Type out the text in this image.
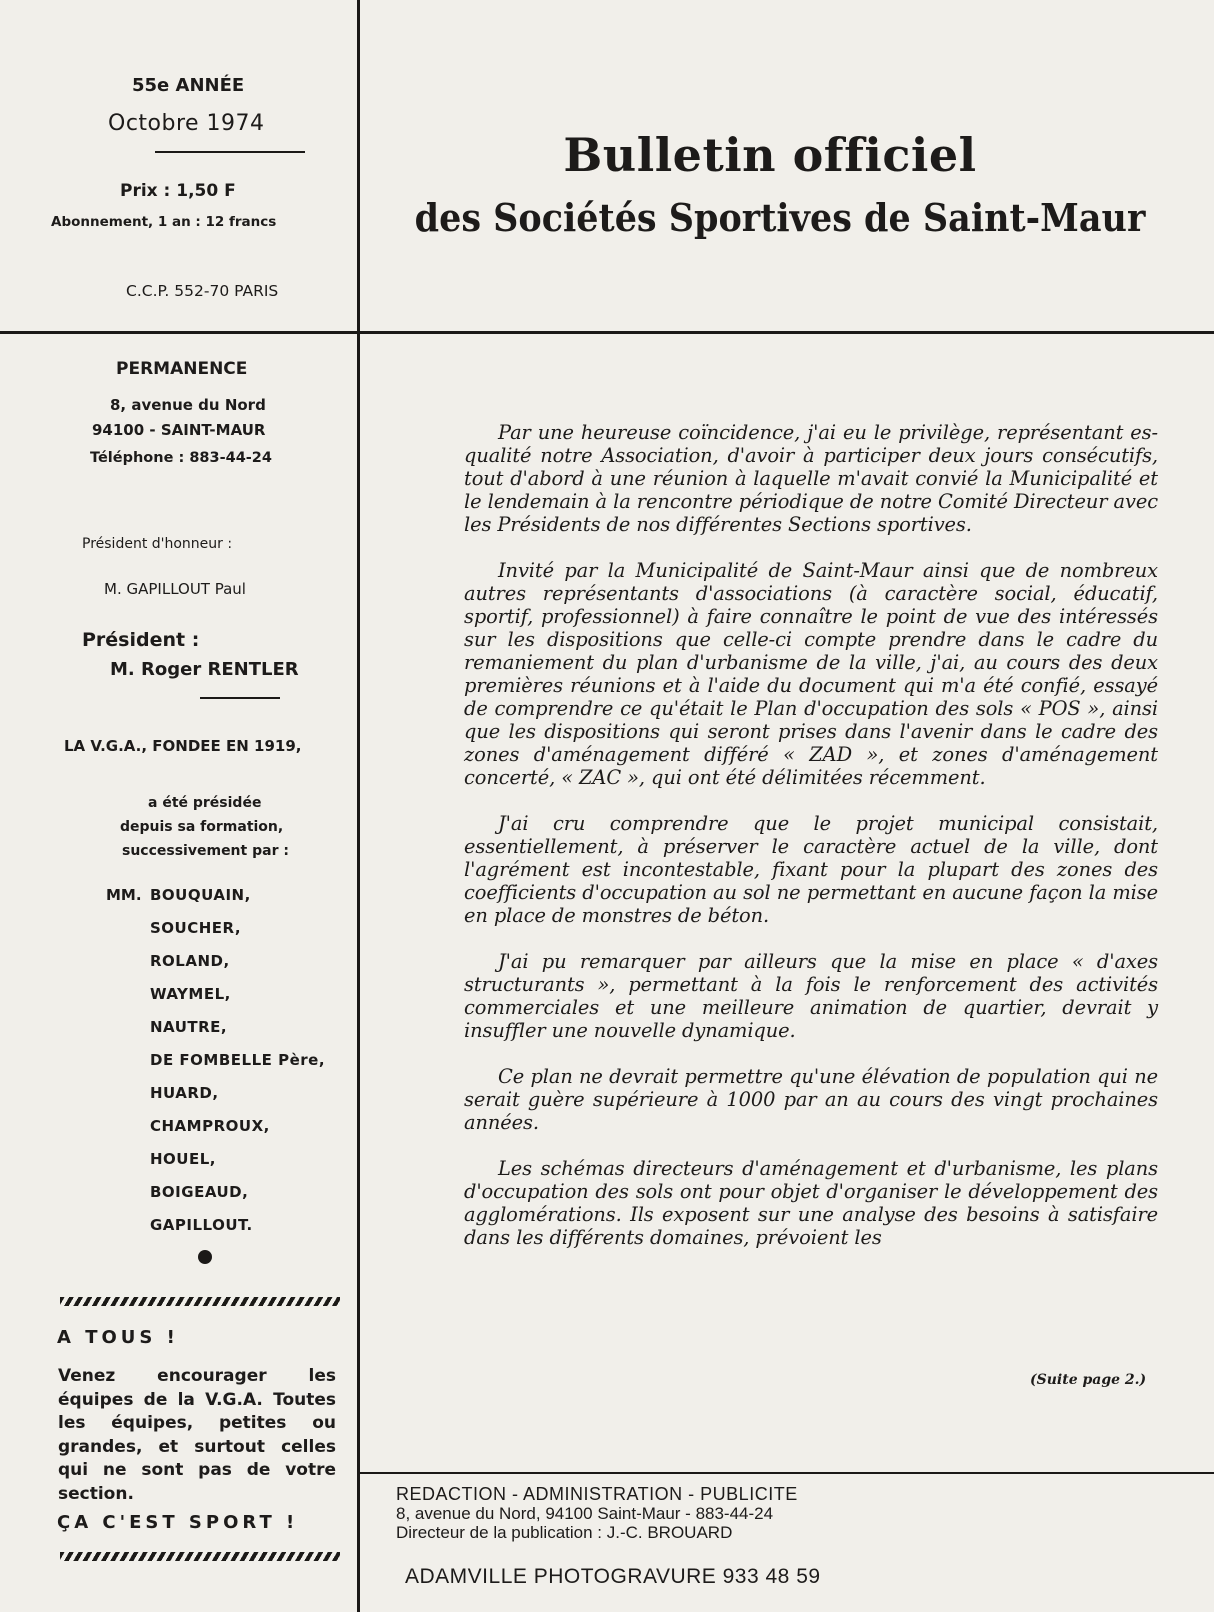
55e ANNÉE
Octobre 1974
Prix : 1,50 F
Abonnement, 1 an : 12 francs
C.C.P. 552-70 PARIS
Bulletin officiel
des Sociétés Sportives de Saint-Maur
PERMANENCE
8, avenue du Nord
94100 - SAINT-MAUR
Téléphone : 883-44-24
Président d'honneur :
M. GAPILLOUT Paul
Président :
M. Roger RENTLER
LA V.G.A., FONDEE EN 1919,
a été présidée
depuis sa formation,
successivement par :
MM. BOUQUAIN,
SOUCHER,
ROLAND,
WAYMEL,
NAUTRE,
DE FOMBELLE Père,
HUARD,
CHAMPROUX,
HOUEL,
BOIGEAUD,
GAPILLOUT.
A TOUS !
Venez encourager les équipes de la V.G.A. Toutes les équipes, petites ou grandes, et surtout celles qui ne sont pas de votre section.
ÇA C'EST SPORT !

Par une heureuse coïncidence, j'ai eu le privilège, représentant es-qualité notre Association, d'avoir à participer deux jours consécutifs, tout d'abord à une réunion à laquelle m'avait convié la Municipalité et le lendemain à la rencontre périodique de notre Comité Directeur avec les Présidents de nos différentes Sections sportives.

Invité par la Municipalité de Saint-Maur ainsi que de nombreux autres représentants d'associations (à caractère social, éducatif, sportif, professionnel) à faire connaître le point de vue des intéressés sur les dispositions que celle-ci compte prendre dans le cadre du remaniement du plan d'urbanisme de la ville, j'ai, au cours des deux premières réunions et à l'aide du document qui m'a été confié, essayé de comprendre ce qu'était le Plan d'occupation des sols « POS », ainsi que les dispositions qui seront prises dans l'avenir dans le cadre des zones d'aménagement différé « ZAD », et zones d'aménagement concerté, « ZAC », qui ont été délimitées récemment.

J'ai cru comprendre que le projet municipal consistait, essentiellement, à préserver le caractère actuel de la ville, dont l'agrément est incontestable, fixant pour la plupart des zones des coefficients d'occupation au sol ne permettant en aucune façon la mise en place de monstres de béton.

J'ai pu remarquer par ailleurs que la mise en place « d'axes structurants », permettant à la fois le renforcement des activités commerciales et une meilleure animation de quartier, devrait y insuffler une nouvelle dynamique.

Ce plan ne devrait permettre qu'une élévation de population qui ne serait guère supérieure à 1000 par an au cours des vingt prochaines années.

Les schémas directeurs d'aménagement et d'urbanisme, les plans d'occupation des sols ont pour objet d'organiser le développement des agglomérations. Ils exposent sur une analyse des besoins à satisfaire dans les différents domaines, prévoient les

(Suite page 2.)
REDACTION - ADMINISTRATION - PUBLICITE
8, avenue du Nord, 94100 Saint-Maur - 883-44-24
Directeur de la publication : J.-C. BROUARD
ADAMVILLE PHOTOGRAVURE 933 48 59
